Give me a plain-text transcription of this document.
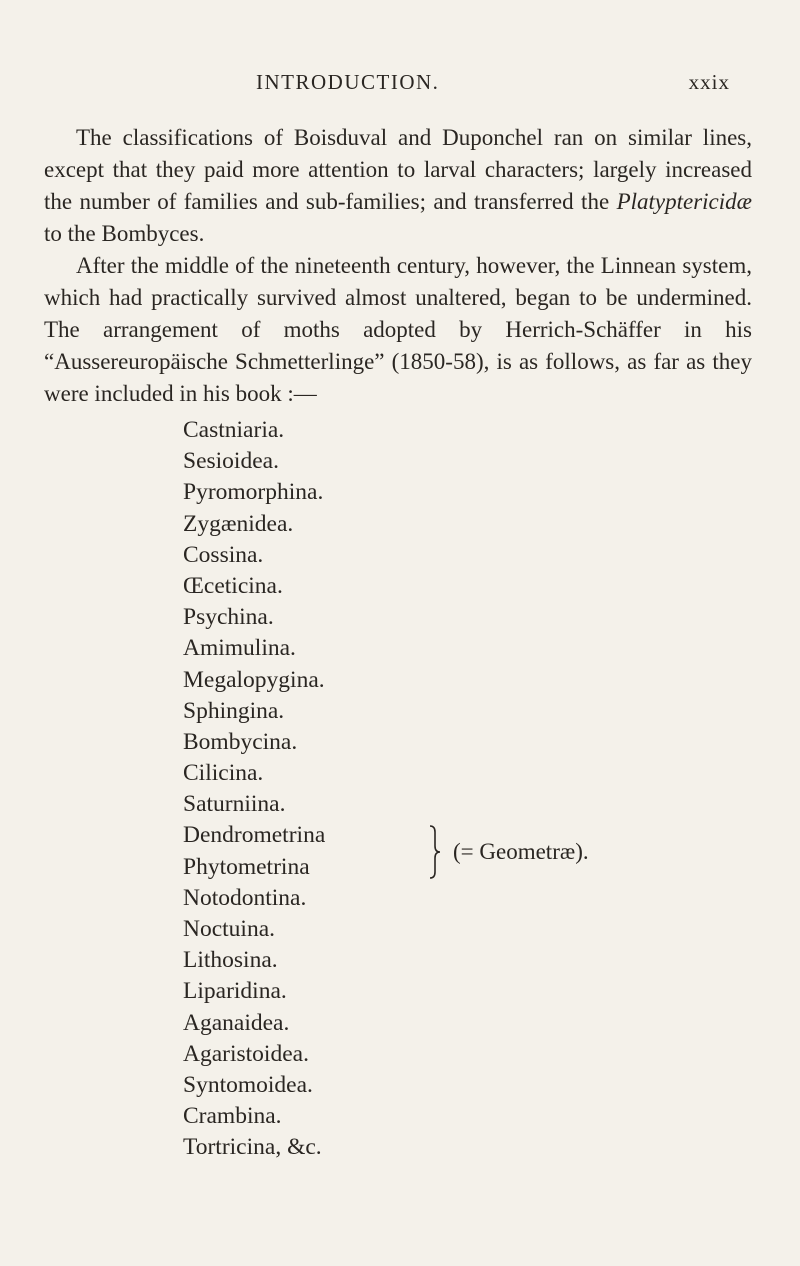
INTRODUCTION.	xxix

The classifications of Boisduval and Duponchel ran on similar lines, except that they paid more attention to larval characters; largely increased the number of families and sub-families; and transferred the Platyptericidæ to the Bombyces.

After the middle of the nineteenth century, however, the Linnean system, which had practically survived almost unaltered, began to be undermined. The arrangement of moths adopted by Herrich-Schäffer in his “Aussereuropäische Schmetterlinge” (1850-58), is as follows, as far as they were included in his book :—

Castniaria.
Sesioidea.
Pyromorphina.
Zygænidea.
Cossina.
Œceticina.
Psychina.
Amimulina.
Megalopygina.
Sphingina.
Bombycina.
Cilicina.
Saturniina.
Dendrometrina
Phytometrina
(= Geometræ).
Notodontina.
Noctuina.
Lithosina.
Liparidina.
Aganaidea.
Agaristoidea.
Syntomoidea.
Crambina.
Tortricina, &c.
